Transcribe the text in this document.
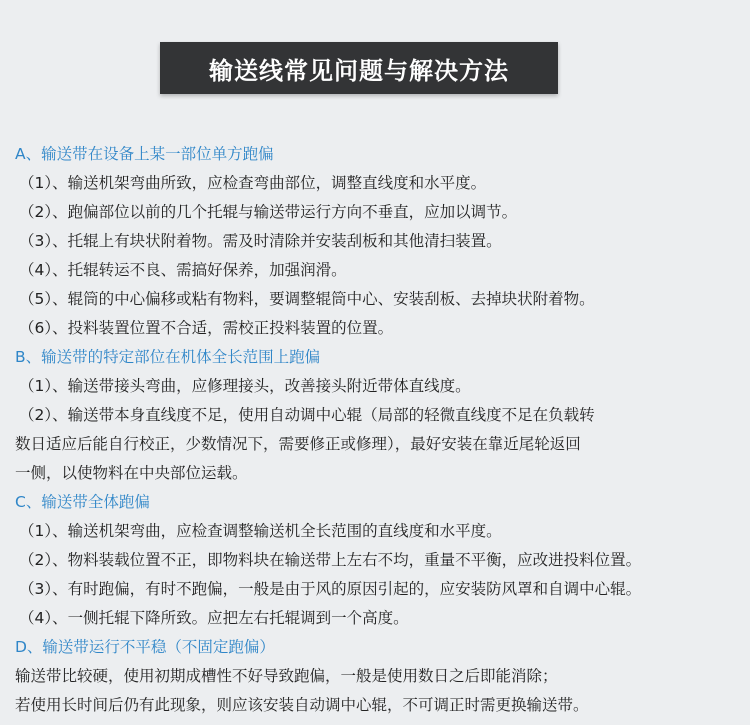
输送线常见问题与解决方法
A、输送带在设备上某一部位单方跑偏
（1）、输送机架弯曲所致，应检查弯曲部位，调整直线度和水平度。
（2）、跑偏部位以前的几个托辊与输送带运行方向不垂直，应加以调节。
（3）、托辊上有块状附着物。需及时清除并安装刮板和其他清扫装置。
（4）、托辊转运不良、需搞好保养，加强润滑。
（5）、辊筒的中心偏移或粘有物料，要调整辊筒中心、安装刮板、去掉块状附着物。
（6）、投料装置位置不合适，需校正投料装置的位置。
B、输送带的特定部位在机体全长范围上跑偏
（1）、输送带接头弯曲，应修理接头，改善接头附近带体直线度。
（2）、输送带本身直线度不足，使用自动调中心辊（局部的轻微直线度不足在负载转
数日适应后能自行校正，少数情况下，需要修正或修理），最好安装在靠近尾轮返回
一侧，以使物料在中央部位运载。
C、输送带全体跑偏
（1）、输送机架弯曲，应检查调整输送机全长范围的直线度和水平度。
（2）、物料装载位置不正，即物料块在输送带上左右不均，重量不平衡，应改进投料位置。
（3）、有时跑偏，有时不跑偏，一般是由于风的原因引起的，应安装防风罩和自调中心辊。
（4）、一侧托辊下降所致。应把左右托辊调到一个高度。
D、输送带运行不平稳（不固定跑偏）
输送带比较硬，使用初期成槽性不好导致跑偏，一般是使用数日之后即能消除；
若使用长时间后仍有此现象，则应该安装自动调中心辊，不可调正时需更换输送带。
